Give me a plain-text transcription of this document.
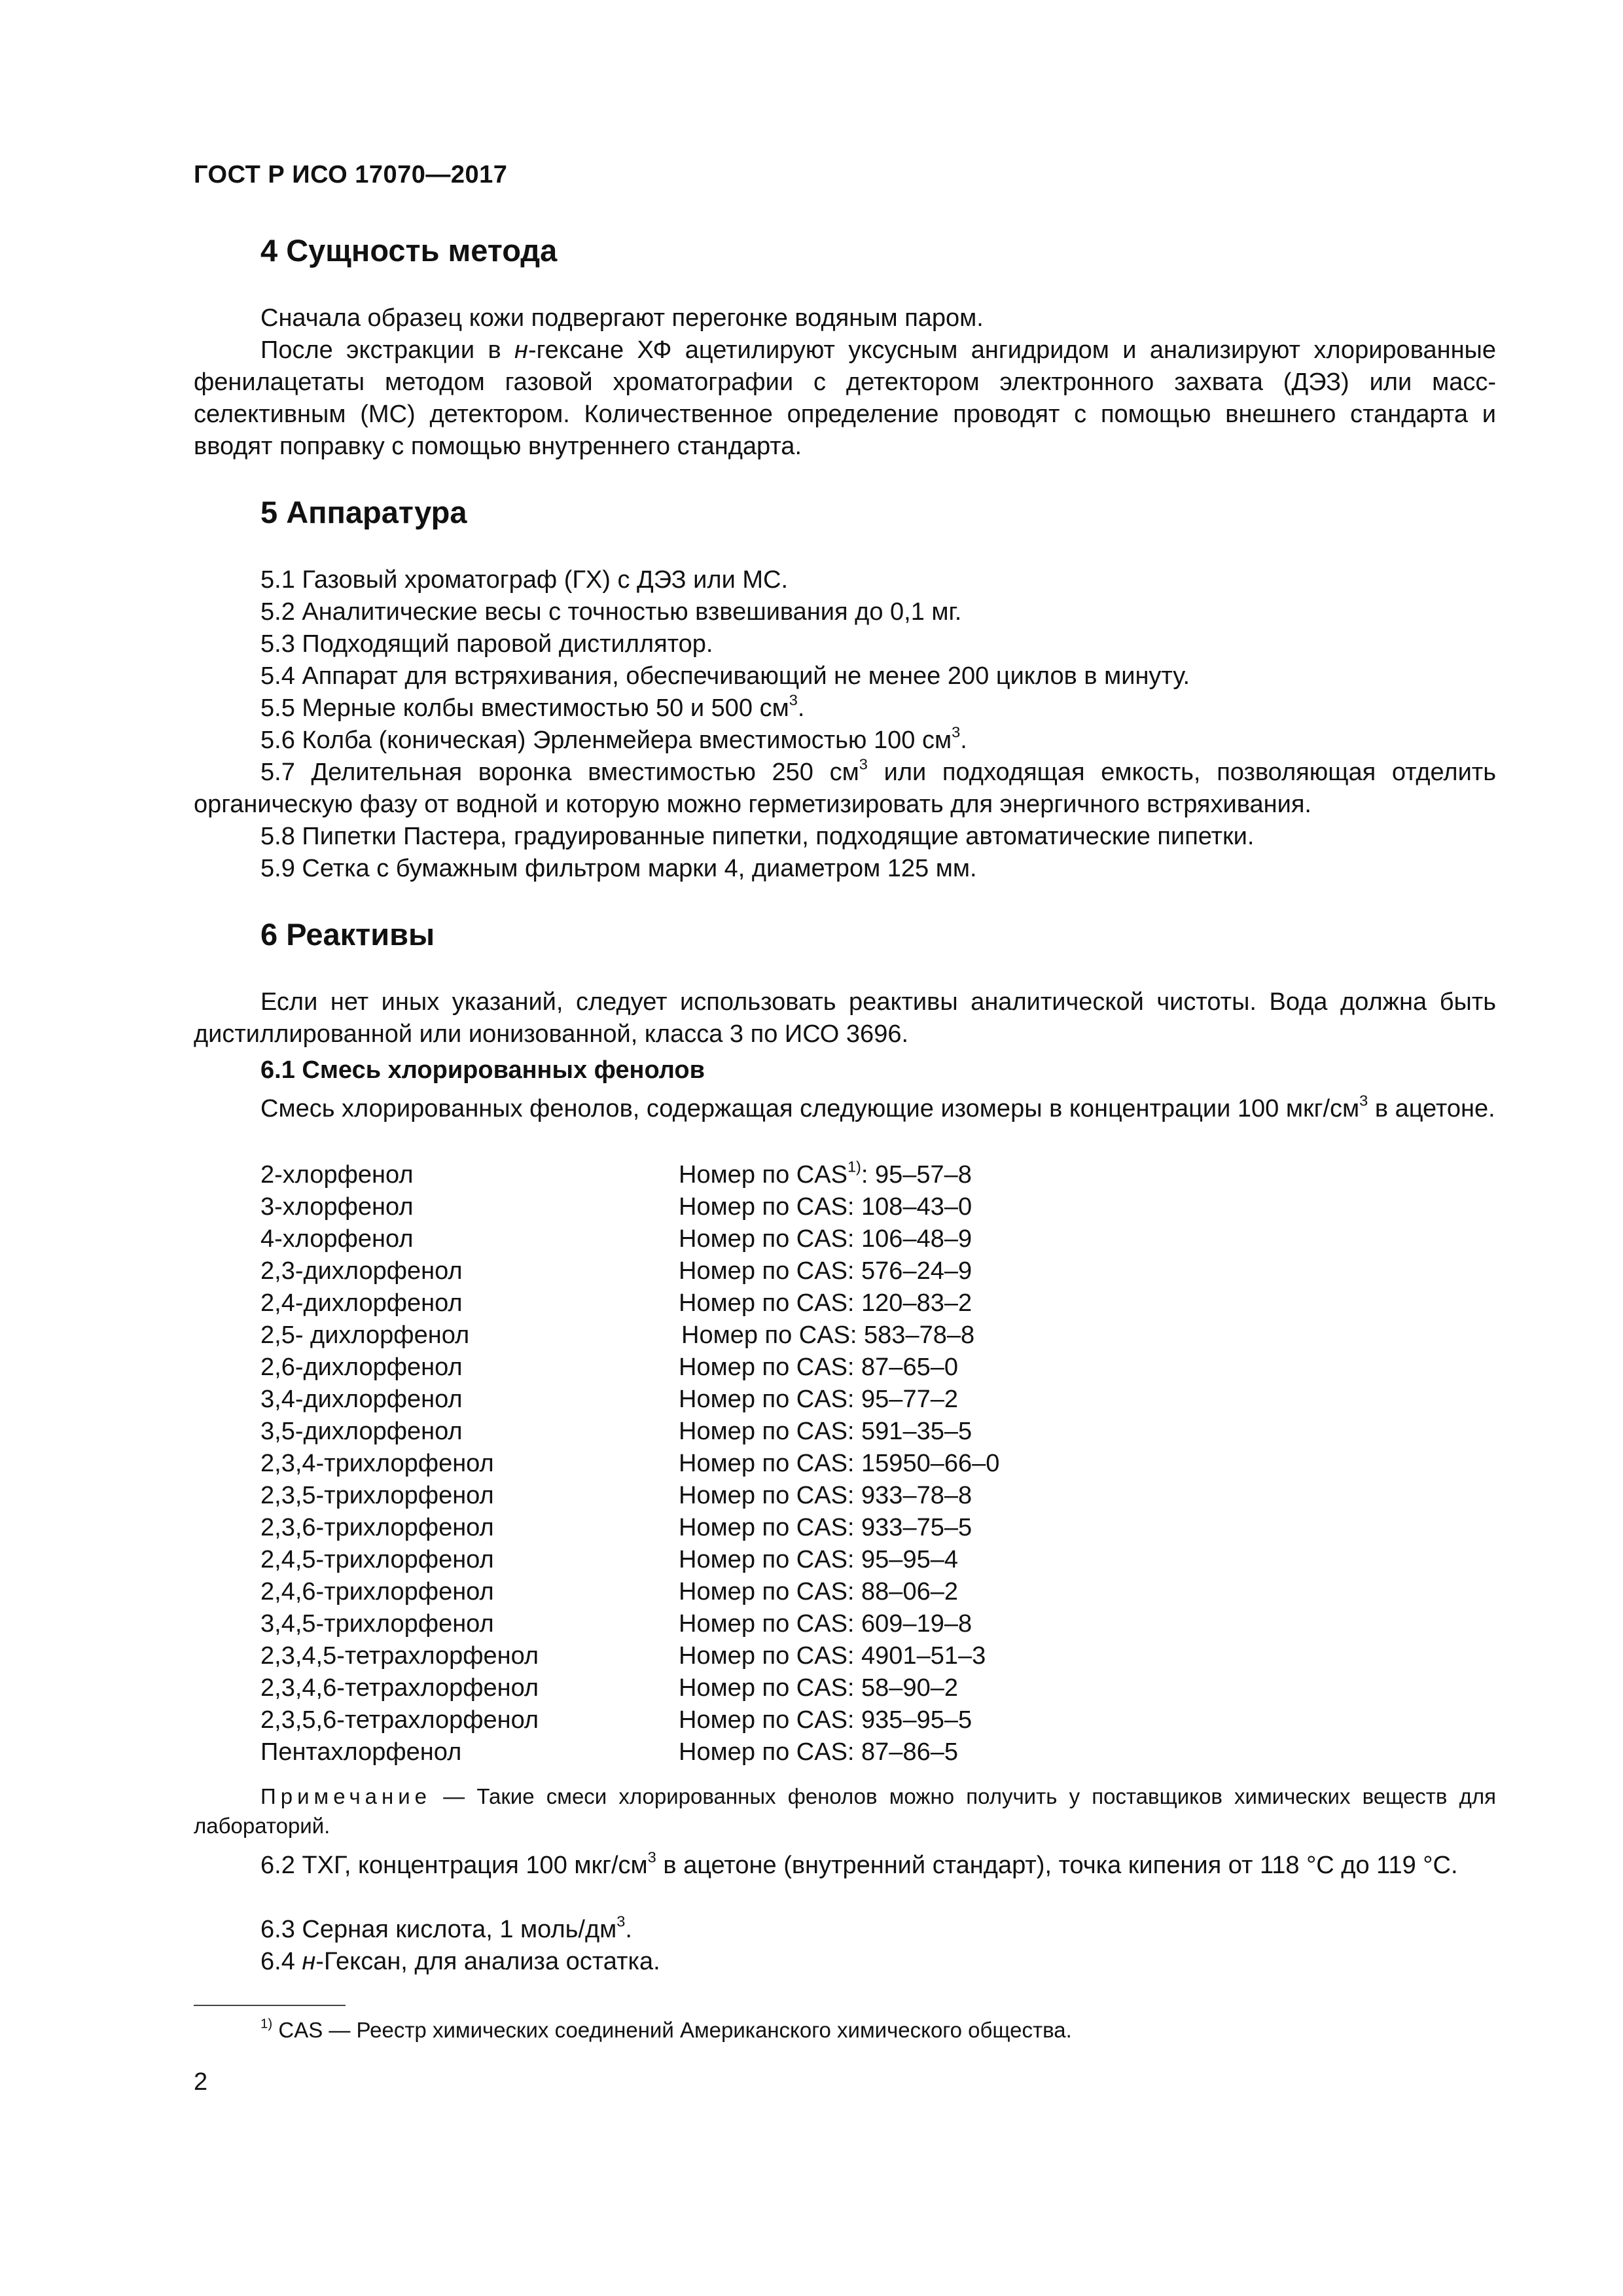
ГОСТ Р ИСО 17070—2017
4 Сущность метода

Сначала образец кожи подвергают перегонке водяным паром.

После экстракции в н-гексане ХФ ацетилируют уксусным ангидридом и анализируют хлорированные фенилацетаты методом газовой хроматографии с детектором электронного захвата (ДЭЗ) или масс-селективным (МС) детектором. Количественное определение проводят с помощью внешнего стандарта и вводят поправку с помощью внутреннего стандарта.

5 Аппаратура

5.1 Газовый хроматограф (ГХ) с ДЭЗ или МС.

5.2 Аналитические весы с точностью взвешивания до 0,1 мг.

5.3 Подходящий паровой дистиллятор.

5.4 Аппарат для встряхивания, обеспечивающий не менее 200 циклов в минуту.

5.5 Мерные колбы вместимостью 50 и 500 $см^3$.

5.6 Колба (коническая) Эрленмейера вместимостью 100 $см^3$.

5.7 Делительная воронка вместимостью 250 $см^3$ или подходящая емкость, позволяющая отделить органическую фазу от водной и которую можно герметизировать для энергичного встряхивания.

5.8 Пипетки Пастера, градуированные пипетки, подходящие автоматические пипетки.

5.9 Сетка с бумажным фильтром марки 4, диаметром 125 мм.

6 Реактивы

Если нет иных указаний, следует использовать реактивы аналитической чистоты. Вода должна быть дистиллированной или ионизованной, класса 3 по ИСО 3696.

6.1 Смесь хлорированных фенолов

Смесь хлорированных фенолов, содержащая следующие изомеры в концентрации 100 мкг/$см^3$ в ацетоне.

2-хлорфенол	Номер по CAS$^{1)}$: 95–57–8
3-хлорфенол	Номер по CAS: 108–43–0
4-хлорфенол	Номер по CAS: 106–48–9
2,3-дихлорфенол	Номер по CAS: 576–24–9
2,4-дихлорфенол	Номер по CAS: 120–83–2
2,5- дихлорфенол	Номер по CAS: 583–78–8
2,6-дихлорфенол	Номер по CAS: 87–65–0
3,4-дихлорфенол	Номер по CAS: 95–77–2
3,5-дихлорфенол	Номер по CAS: 591–35–5
2,3,4-трихлорфенол	Номер по CAS: 15950–66–0
2,3,5-трихлорфенол	Номер по CAS: 933–78–8
2,3,6-трихлорфенол	Номер по CAS: 933–75–5
2,4,5-трихлорфенол	Номер по CAS: 95–95–4
2,4,6-трихлорфенол	Номер по CAS: 88–06–2
3,4,5-трихлорфенол	Номер по CAS: 609–19–8
2,3,4,5-тетрахлорфенол	Номер по CAS: 4901–51–3
2,3,4,6-тетрахлорфенол	Номер по CAS: 58–90–2
2,3,5,6-тетрахлорфенол	Номер по CAS: 935–95–5
Пентахлорфенол	Номер по CAS: 87–86–5

Примечание — Такие смеси хлорированных фенолов можно получить у поставщиков химических веществ для лабораторий.

6.2 ТХГ, концентрация 100 мкг/$см^3$ в ацетоне (внутренний стандарт), точка кипения от 118 °С до 119 °С.

6.3 Серная кислота, 1 моль/$дм^3$.

6.4 н-Гексан, для анализа остатка.

$^{1)}$ CAS — Реестр химических соединений Американского химического общества.
2
